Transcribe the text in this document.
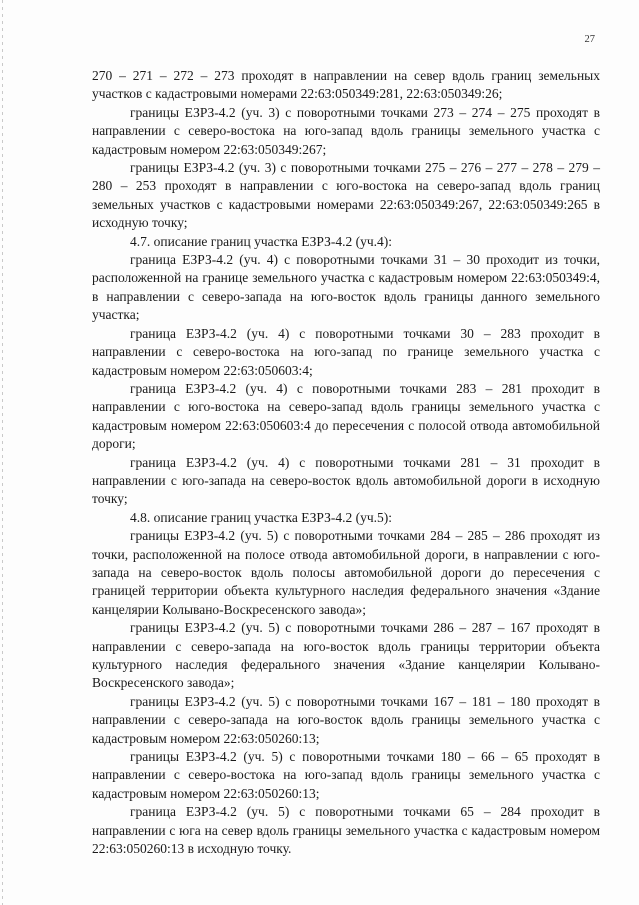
27

270 – 271 – 272 – 273 проходят в направлении на север вдоль границ земельных участков с кадастровыми номерами 22:63:050349:281, 22:63:050349:26;

границы ЕЗРЗ-4.2 (уч. 3) с поворотными точками 273 – 274 – 275 проходят в направлении с северо-востока на юго-запад вдоль границы земельного участка с кадастровым номером 22:63:050349:267;

границы ЕЗРЗ-4.2 (уч. 3) с поворотными точками 275 – 276 – 277 – 278 – 279 – 280 – 253 проходят в направлении с юго-востока на северо-запад вдоль границ земельных участков с кадастровыми номерами 22:63:050349:267, 22:63:050349:265 в исходную точку;

4.7. описание границ участка ЕЗРЗ-4.2 (уч.4):

граница ЕЗРЗ-4.2 (уч. 4) с поворотными точками 31 – 30 проходит из точки, расположенной на границе земельного участка с кадастровым номером 22:63:050349:4, в направлении с северо-запада на юго-восток вдоль границы данного земельного участка;

граница ЕЗРЗ-4.2 (уч. 4) с поворотными точками 30 – 283 проходит в направлении с северо-востока на юго-запад по границе земельного участка с кадастровым номером 22:63:050603:4;

граница ЕЗРЗ-4.2 (уч. 4) с поворотными точками 283 – 281 проходит в направлении с юго-востока на северо-запад вдоль границы земельного участка с кадастровым номером 22:63:050603:4 до пересечения с полосой отвода автомобильной дороги;

граница ЕЗРЗ-4.2 (уч. 4) с поворотными точками 281 – 31 проходит в направлении с юго-запада на северо-восток вдоль автомобильной дороги в исходную точку;

4.8. описание границ участка ЕЗРЗ-4.2 (уч.5):

границы ЕЗРЗ-4.2 (уч. 5) с поворотными точками 284 – 285 – 286 проходят из точки, расположенной на полосе отвода автомобильной дороги, в направлении с юго-запада на северо-восток вдоль полосы автомобильной дороги до пересечения с границей территории объекта культурного наследия федерального значения «Здание канцелярии Колывано-Воскресенского завода»;

границы ЕЗРЗ-4.2 (уч. 5) с поворотными точками 286 – 287 – 167 проходят в направлении с северо-запада на юго-восток вдоль границы территории объекта культурного наследия федерального значения «Здание канцелярии Колывано-Воскресенского завода»;

границы ЕЗРЗ-4.2 (уч. 5) с поворотными точками 167 – 181 – 180 проходят в направлении с северо-запада на юго-восток вдоль границы земельного участка с кадастровым номером 22:63:050260:13;

границы ЕЗРЗ-4.2 (уч. 5) с поворотными точками 180 – 66 – 65 проходят в направлении с северо-востока на юго-запад вдоль границы земельного участка с кадастровым номером 22:63:050260:13;

граница ЕЗРЗ-4.2 (уч. 5) с поворотными точками 65 – 284 проходит в направлении с юга на север вдоль границы земельного участка с кадастровым номером 22:63:050260:13 в исходную точку.
